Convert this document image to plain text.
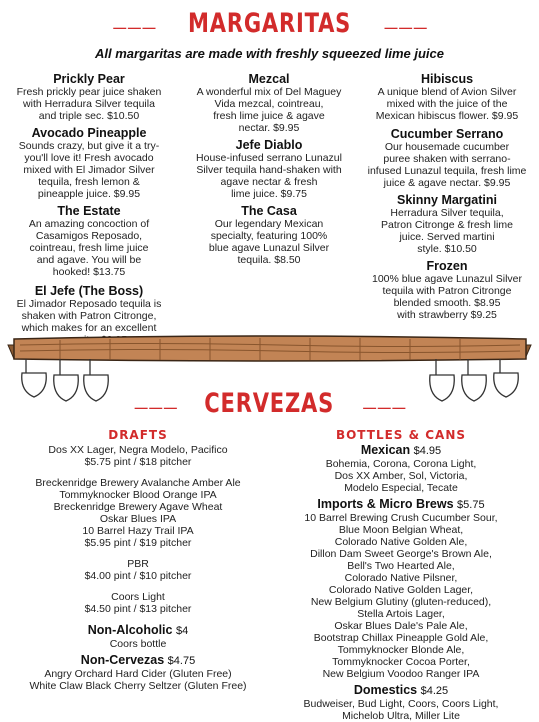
— — — MARGARITAS	— — —
All margaritas are made with freshly squeezed lime juice
Prickly Pear
Fresh prickly pear juice shaken
with Herradura Silver tequila
and triple sec. $10.50
Avocado Pineapple
Sounds crazy, but give it a try-
you'll love it! Fresh avocado
mixed with El Jimador Silver
tequila, fresh lemon &
pineapple juice. $9.95
The Estate
An amazing concoction of
Casamigos Reposado,
cointreau, fresh lime juice
and agave. You will be
hooked! $13.75
El Jefe (The Boss)
El Jimador Reposado tequila is
shaken with Patron Citronge,
which makes for an excellent
Mezcal
A wonderful mix of Del Maguey
Vida mezcal, cointreau,
fresh lime juice & agave
nectar. $9.95
Jefe Diablo
House-infused serrano Lunazul
Silver tequila hand-shaken with
agave nectar & fresh
lime juice. $9.75
The Casa
Our legendary Mexican
specialty, featuring 100%
blue agave Lunazul Silver
tequila. $8.50
Hibiscus
A unique blend of Avion Silver
mixed with the juice of the
Mexican hibiscus flower. $9.95
Cucumber Serrano
Our housemade cucumber
puree shaken with serrano-
infused Lunazul tequila, fresh lime
juice & agave nectar. $9.95
Skinny Margatini
Herradura Silver tequila,
Patron Citronge & fresh lime
juice. Served martini
style. $10.50
Frozen
100% blue agave Lunazul Silver
tequila with Patron Citronge
blended smooth. $8.95
with strawberry $9.25
— — — CERVEZAS — — —
DRAFTS
Dos XX Lager, Negra Modelo, Pacifico
$5.75 pint / $18 pitcher
Breckenridge Brewery Avalanche Amber Ale
Tommyknocker Blood Orange IPA
Breckenridge Brewery Agave Wheat
Oskar Blues IPA
10 Barrel Hazy Trail IPA
$5.95 pint / $19 pitcher
PBR
$4.00 pint / $10 pitcher
Coors Light
$4.50 pint / $13 pitcher
Non-Alcoholic $4
Coors bottle
Non-Cervezas $4.75
Angry Orchard Hard Cider (Gluten Free)
White Claw Black Cherry Seltzer (Gluten Free)
BOTTLES & CANS
Mexican $4.95
Bohemia, Corona, Corona Light,
Dos XX Amber, Sol, Victoria,
Modelo Especial, Tecate
Imports & Micro Brews $5.75
10 Barrel Brewing Crush Cucumber Sour,
Blue Moon Belgian Wheat,
Colorado Native Golden Ale,
Dillon Dam Sweet George's Brown Ale,
Bell's Two Hearted Ale,
Colorado Native Pilsner,
Colorado Native Golden Lager,
New Belgium Glutiny (gluten-reduced),
Stella Artois Lager,
Oskar Blues Dale's Pale Ale,
Bootstrap Chillax Pineapple Gold Ale,
Tommyknocker Blonde Ale,
Tommyknocker Cocoa Porter,
New Belgium Voodoo Ranger IPA
Domestics $4.25
Budweiser, Bud Light, Coors, Coors Light,
Michelob Ultra, Miller Lite
